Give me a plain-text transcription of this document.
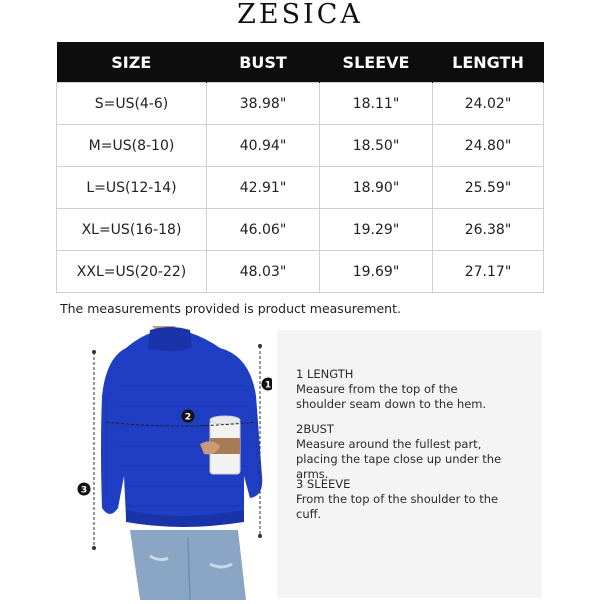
ZESICA
SIZE	BUST	SLEEVE	LENGTH
S=US(4-6)	38.98"	18.11"	24.02"
M=US(8-10)	40.94"	18.50"	24.80"
L=US(12-14)	42.91"	18.90"	25.59"
XL=US(16-18)	46.06"	19.29"	26.38"
XXL=US(20-22)	48.03"	19.69"	27.17"
The measurements provided is product measurement.
1
2
3
1 LENGTH
Measure from the top of the shoulder seam down to the hem.
2BUST
Measure around the fullest part, placing the tape close up under the arms.
3 SLEEVE
From the top of the shoulder to the cuff.
